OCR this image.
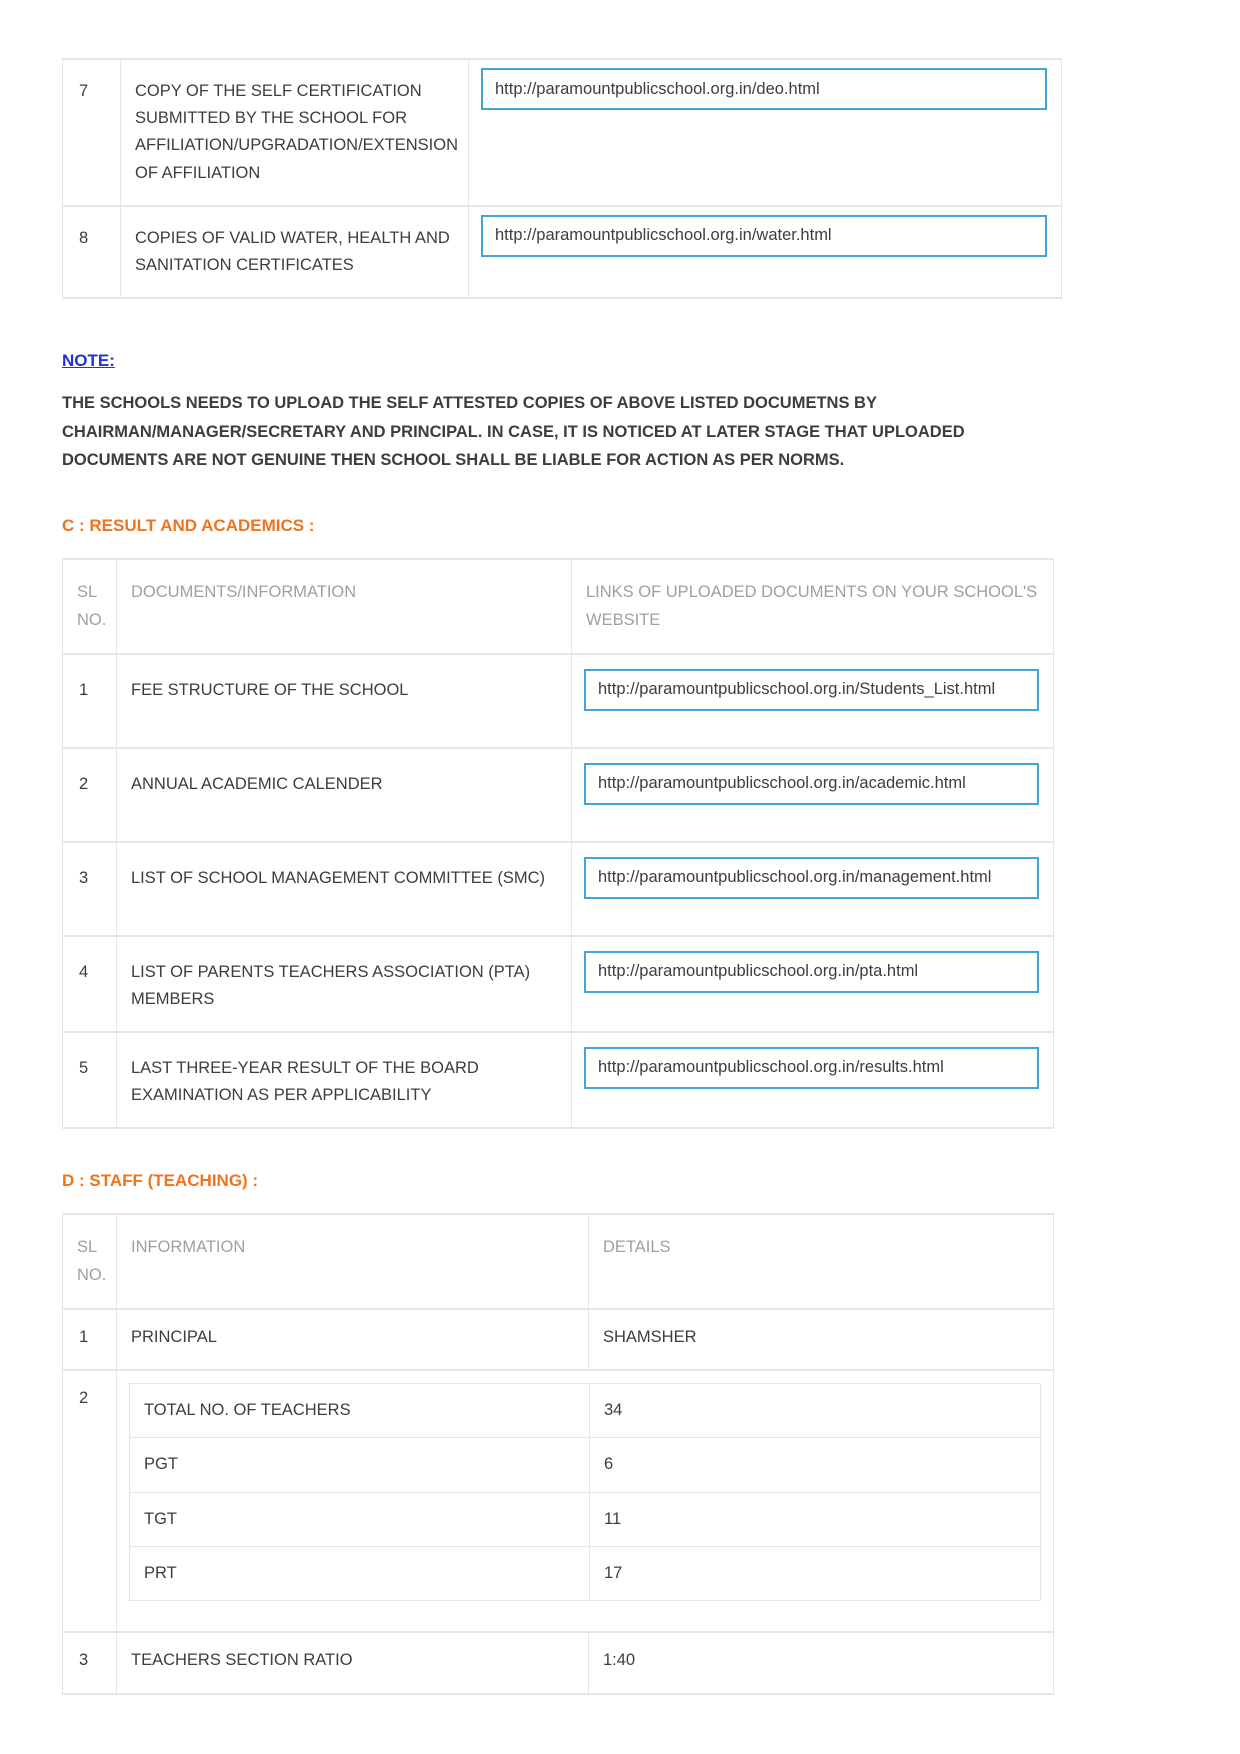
7	COPY OF THE SELF CERTIFICATION SUBMITTED BY THE SCHOOL FOR AFFILIATION/UPGRADATION/EXTENSION OF AFFILIATION	http://paramountpublicschool.org.in/deo.html
8	COPIES OF VALID WATER, HEALTH AND SANITATION CERTIFICATES	http://paramountpublicschool.org.in/water.html
NOTE:

THE SCHOOLS NEEDS TO UPLOAD THE SELF ATTESTED COPIES OF ABOVE LISTED DOCUMETNS BY CHAIRMAN/MANAGER/SECRETARY AND PRINCIPAL. IN CASE, IT IS NOTICED AT LATER STAGE THAT UPLOADED DOCUMENTS ARE NOT GENUINE THEN SCHOOL SHALL BE LIABLE FOR ACTION AS PER NORMS.

C : RESULT AND ACADEMICS :
SL NO.	DOCUMENTS/INFORMATION	LINKS OF UPLOADED DOCUMENTS ON YOUR SCHOOL'S WEBSITE
1	FEE STRUCTURE OF THE SCHOOL	http://paramountpublicschool.org.in/Students_List.html
2	ANNUAL ACADEMIC CALENDER	http://paramountpublicschool.org.in/academic.html
3	LIST OF SCHOOL MANAGEMENT COMMITTEE (SMC)	http://paramountpublicschool.org.in/management.html
4	LIST OF PARENTS TEACHERS ASSOCIATION (PTA) MEMBERS	http://paramountpublicschool.org.in/pta.html
5	LAST THREE-YEAR RESULT OF THE BOARD EXAMINATION AS PER APPLICABILITY	http://paramountpublicschool.org.in/results.html
D : STAFF (TEACHING) :
SL NO.	INFORMATION	DETAILS
1	PRINCIPAL	SHAMSHER
2	
TOTAL NO. OF TEACHERS	34
PGT	6
TGT	11
PRT	17

3	TEACHERS SECTION RATIO	1:40
